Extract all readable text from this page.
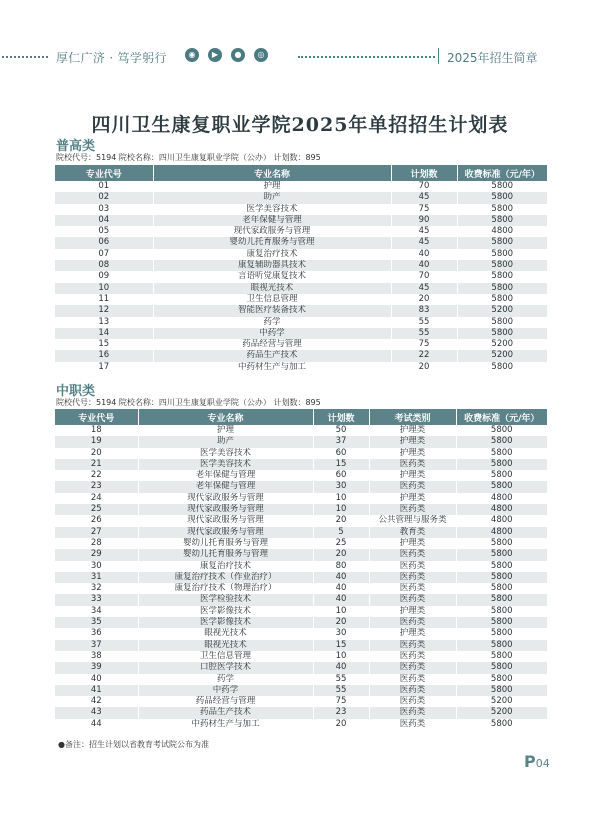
厚仁广济 · 笃学躬行	◉	▶	●	◎	2025年招生简章
四川卫生康复职业学院2025年单招招生计划表
普高类
院校代号：5194 院校名称：四川卫生康复职业学院（公办） 计划数：895
专业代号	专业名称	计划数	收费标准（元/年）
01	护理	70	5800
02	助产	45	5800
03	医学美容技术	75	5800
04	老年保健与管理	90	5800
05	现代家政服务与管理	45	4800
06	婴幼儿托育服务与管理	45	5800
07	康复治疗技术	40	5800
08	康复辅助器具技术	40	5800
09	言语听觉康复技术	70	5800
10	眼视光技术	45	5800
11	卫生信息管理	20	5800
12	智能医疗装备技术	83	5200
13	药学	55	5800
14	中药学	55	5800
15	药品经营与管理	75	5200
16	药品生产技术	22	5200
17	中药材生产与加工	20	5800
中职类
院校代号：5194 院校名称：四川卫生康复职业学院（公办） 计划数：895
专业代号	专业名称	计划数	考试类别	收费标准（元/年）
18	护理	50	护理类	5800
19	助产	37	护理类	5800
20	医学美容技术	60	护理类	5800
21	医学美容技术	15	医药类	5800
22	老年保健与管理	60	护理类	5800
23	老年保健与管理	30	医药类	5800
24	现代家政服务与管理	10	护理类	4800
25	现代家政服务与管理	10	医药类	4800
26	现代家政服务与管理	20	公共管理与服务类	4800
27	现代家政服务与管理	5	教育类	4800
28	婴幼儿托育服务与管理	25	护理类	5800
29	婴幼儿托育服务与管理	20	医药类	5800
30	康复治疗技术	80	医药类	5800
31	康复治疗技术（作业治疗）	40	医药类	5800
32	康复治疗技术（物理治疗）	40	医药类	5800
33	医学检验技术	40	医药类	5800
34	医学影像技术	10	护理类	5800
35	医学影像技术	20	医药类	5800
36	眼视光技术	30	护理类	5800
37	眼视光技术	15	医药类	5800
38	卫生信息管理	10	医药类	5800
39	口腔医学技术	40	医药类	5800
40	药学	55	医药类	5800
41	中药学	55	医药类	5800
42	药品经营与管理	75	医药类	5200
43	药品生产技术	23	医药类	5200
44	中药材生产与加工	20	医药类	5800
●备注：招生计划以省教育考试院公布为准
P04
